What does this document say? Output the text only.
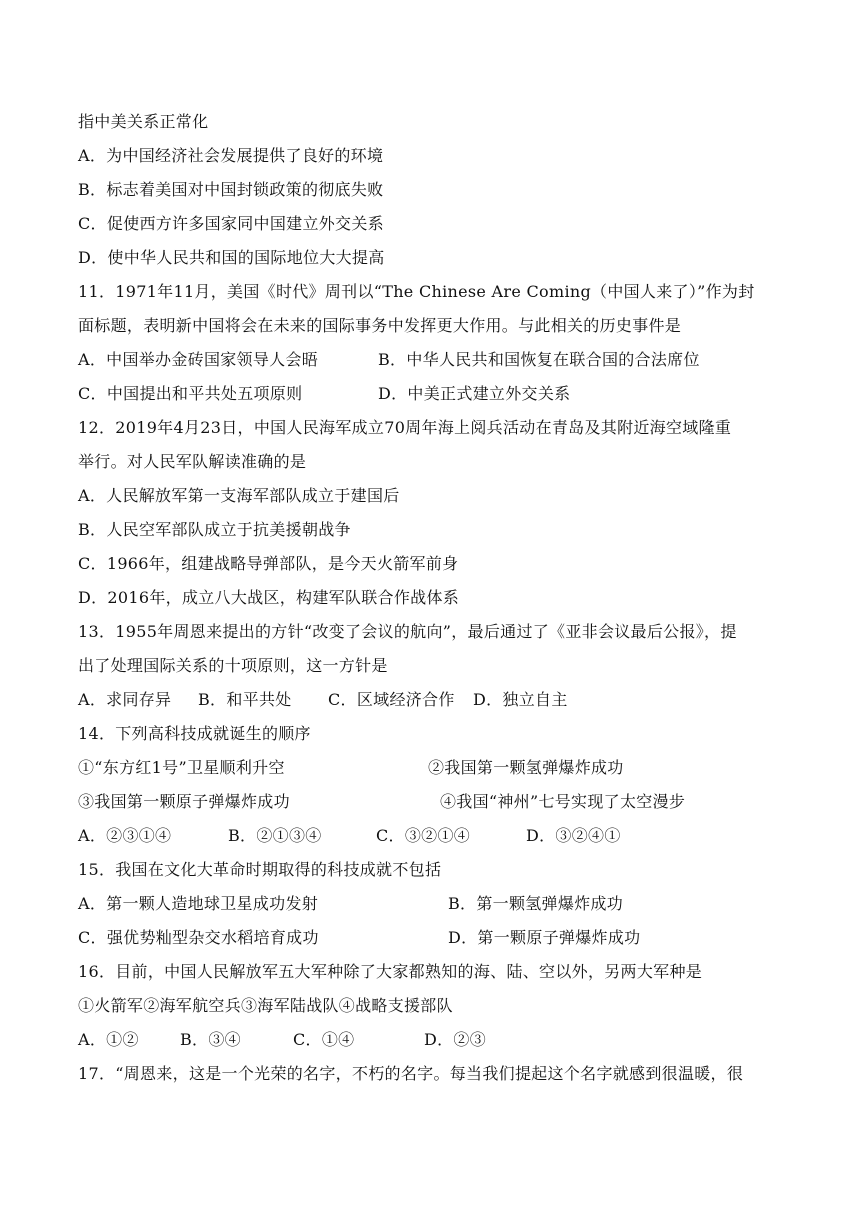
指中美关系正常化
A．为中国经济社会发展提供了良好的环境
B．标志着美国对中国封锁政策的彻底失败
C．促使西方许多国家同中国建立外交关系
D．使中华人民共和国的国际地位大大提高
11．1971年11月，美国《时代》周刊以“The Chinese Are Coming（中国人来了）”作为封
面标题，表明新中国将会在未来的国际事务中发挥更大作用。与此相关的历史事件是
A．中国举办金砖国家领导人会晤	B．中华人民共和国恢复在联合国的合法席位
C．中国提出和平共处五项原则	D．中美正式建立外交关系
12．2019年4月23日，中国人民海军成立70周年海上阅兵活动在青岛及其附近海空域隆重
举行。对人民军队解读准确的是
A．人民解放军第一支海军部队成立于建国后
B．人民空军部队成立于抗美援朝战争
C．1966年，组建战略导弹部队，是今天火箭军前身
D．2016年，成立八大战区，构建军队联合作战体系
13．1955年周恩来提出的方针“改变了会议的航向”，最后通过了《亚非会议最后公报》，提
出了处理国际关系的十项原则，这一方针是
A．求同存异 B．和平共处 C．区域经济合作 D．独立自主
14．下列高科技成就诞生的顺序
①“东方红1号”卫星顺利升空	②我国第一颗氢弹爆炸成功
③我国第一颗原子弹爆炸成功	④我国“神州”七号实现了太空漫步
A．②③①④	B．②①③④	C．③②①④	D．③②④①
15．我国在文化大革命时期取得的科技成就不包括
A．第一颗人造地球卫星成功发射	B．第一颗氢弹爆炸成功
C．强优势籼型杂交水稻培育成功	D．第一颗原子弹爆炸成功
16．目前，中国人民解放军五大军种除了大家都熟知的海、陆、空以外，另两大军种是
①火箭军②海军航空兵③海军陆战队④战略支援部队
A．①②	B．③④	C．①④	D．②③
17．“周恩来，这是一个光荣的名字，不朽的名字。每当我们提起这个名字就感到很温暖，很
